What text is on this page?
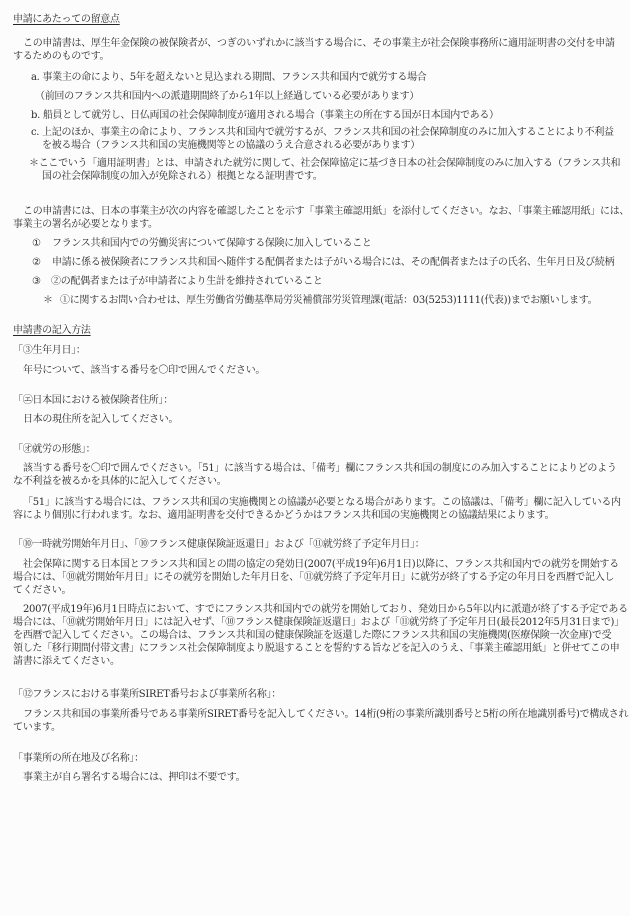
申請にあたっての留意点
この申請書は、厚生年金保険の被保険者が、つぎのいずれかに該当する場合に、その事業主が社会保険事務所に適用証明書の交付を申請
するためのものです。
a. 事業主の命により、5年を超えないと見込まれる期間、フランス共和国内で就労する場合
（前回のフランス共和国内への派遣期間終了から1年以上経過している必要があります）
b. 船員として就労し、日仏両国の社会保障制度が適用される場合（事業主の所在する国が日本国内である）
c. 上記のほか、事業主の命により、フランス共和国内で就労するが、フランス共和国の社会保障制度のみに加入することにより不利益
を被る場合（フランス共和国の実施機関等との協議のうえ合意される必要があります）
＊ここでいう「適用証明書」とは、申請された就労に関して、社会保障協定に基づき日本の社会保障制度のみに加入する（フランス共和
国の社会保障制度の加入が免除される）根拠となる証明書です。
この申請書には、日本の事業主が次の内容を確認したことを示す「事業主確認用紙」を添付してください。なお、「事業主確認用紙」には、
事業主の署名が必要となります。
① フランス共和国内での労働災害について保障する保険に加入していること
② 申請に係る被保険者にフランス共和国へ随伴する配偶者または子がいる場合には、その配偶者または子の氏名、生年月日及び続柄
③ ②の配偶者または子が申請者により生計を維持されていること
＊ ①に関するお問い合わせは、厚生労働省労働基準局労災補償部労災管理課(電話：03(5253)1111(代表))までお願いします。
申請書の記入方法
「③生年月日」：
年号について、該当する番号を〇印で囲んでください。
「㋓日本国における被保険者住所」：
日本の現住所を記入してください。
「㋔就労の形態」：
該当する番号を〇印で囲んでください。「51」に該当する場合は、「備考」欄にフランス共和国の制度にのみ加入することによりどのよう
な不利益を被るかを具体的に記入してください。
「51」に該当する場合には、フランス共和国の実施機関との協議が必要となる場合があります。この協議は、「備考」欄に記入している内
容により個別に行われます。なお、適用証明書を交付できるかどうかはフランス共和国の実施機関との協議結果によります。
「⑩一時就労開始年月日」、「⑩フランス健康保険証返還日」および「⑪就労終了予定年月日」：
社会保障に関する日本国とフランス共和国との間の協定の発効日(2007(平成19年)6月1日)以降に、フランス共和国内での就労を開始する
場合には、「⑩就労開始年月日」にその就労を開始した年月日を、「⑪就労終了予定年月日」に就労が終了する予定の年月日を西暦で記入し
てください。
2007(平成19年)6月1日時点において、すでにフランス共和国内での就労を開始しており、発効日から5年以内に派遣が終了する予定である
場合には、「⑩就労開始年月日」には記入せず、「⑩フランス健康保険証返還日」および「⑪就労終了予定年月日(最長2012年5月31日まで)」
を西暦で記入してください。この場合は、フランス共和国の健康保険証を返還した際にフランス共和国の実施機関(医療保険一次金庫)で受
領した「移行期間付帯文書」にフランス社会保障制度より脱退することを誓約する旨などを記入のうえ、「事業主確認用紙」と併せてこの申
請書に添えてください。
「⑫フランスにおける事業所SIRET番号および事業所名称」：
フランス共和国の事業所番号である事業所SIRET番号を記入してください。14桁(9桁の事業所識別番号と5桁の所在地識別番号)で構成され
ています。
「事業所の所在地及び名称」：
事業主が自ら署名する場合には、押印は不要です。
